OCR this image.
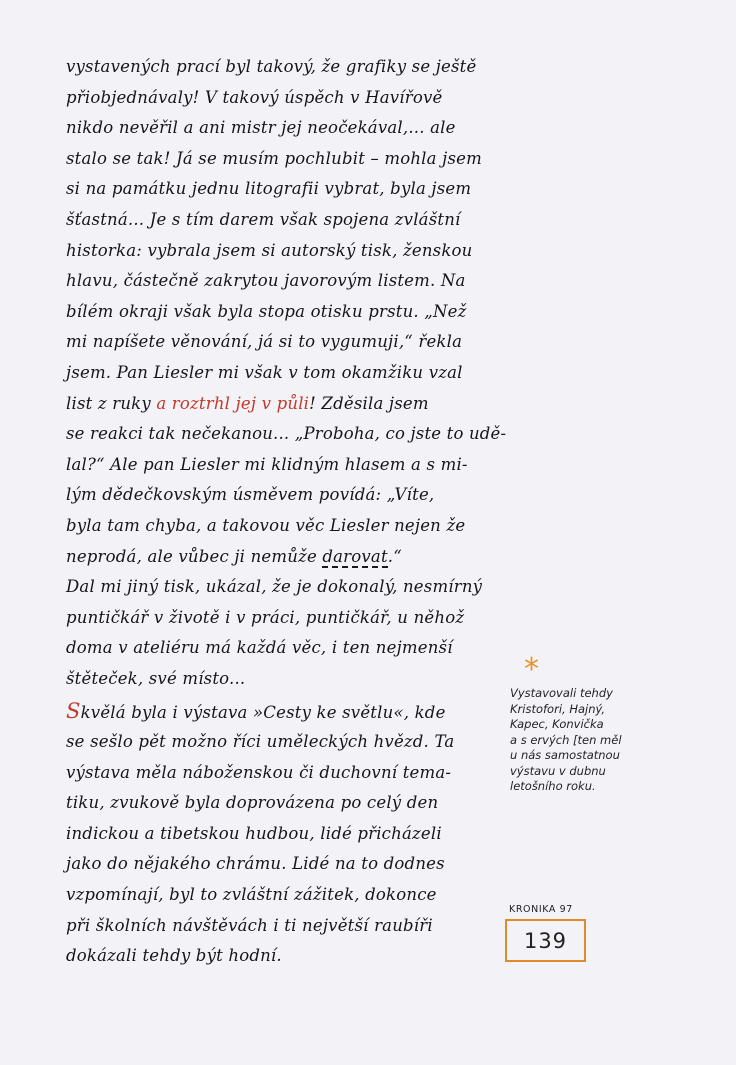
vystavených prací byl takový, že grafiky se ještě
přiobjednávaly! V takový úspěch v Havířově
nikdo nevěřil a ani mistr jej neočekával,... ale
stalo se tak! Já se musím pochlubit – mohla jsem
si na památku jednu litografii vybrat, byla jsem
šťastná... Je s tím darem však spojena zvláštní
historka: vybrala jsem si autorský tisk, ženskou
hlavu, částečně zakrytou javorovým listem. Na
bílém okraji však byla stopa otisku prstu. „Než
mi napíšete věnování, já si to vygumuji,“ řekla
jsem. Pan Liesler mi však v tom okamžiku vzal
list z ruky a roztrhl jej v půli! Zděsila jsem
se reakci tak nečekanou... „Proboha, co jste to udě-
lal?“ Ale pan Liesler mi klidným hlasem a s mi-
lým dědečkovským úsměvem povídá: „Víte,
byla tam chyba, a takovou věc Liesler nejen že
neprodá, ale vůbec ji nemůže darovat.“
Dal mi jiný tisk, ukázal, že je dokonalý, nesmírný
puntičkář v životě i v práci, puntičkář, u něhož
doma v ateliéru má každá věc, i ten nejmenší
štěteček, své místo...
Skvělá byla i výstava »Cesty ke světlu«, kde
se sešlo pět možno říci uměleckých hvězd. Ta
výstava měla náboženskou či duchovní tema-
tiku, zvukově byla doprovázena po celý den
indickou a tibetskou hudbou, lidé přicházeli
jako do nějakého chrámu. Lidé na to dodnes
vzpomínají, byl to zvláštní zážitek, dokonce
při školních návštěvách i ti největší raubíři
dokázali tehdy být hodní.
*
Vystavovali tehdy
Kristofori, Hajný,
Kapec, Konvička
a s ervých [ten měl
u nás samostatnou
výstavu v dubnu
letošního roku.
KRONIKA 97
139
